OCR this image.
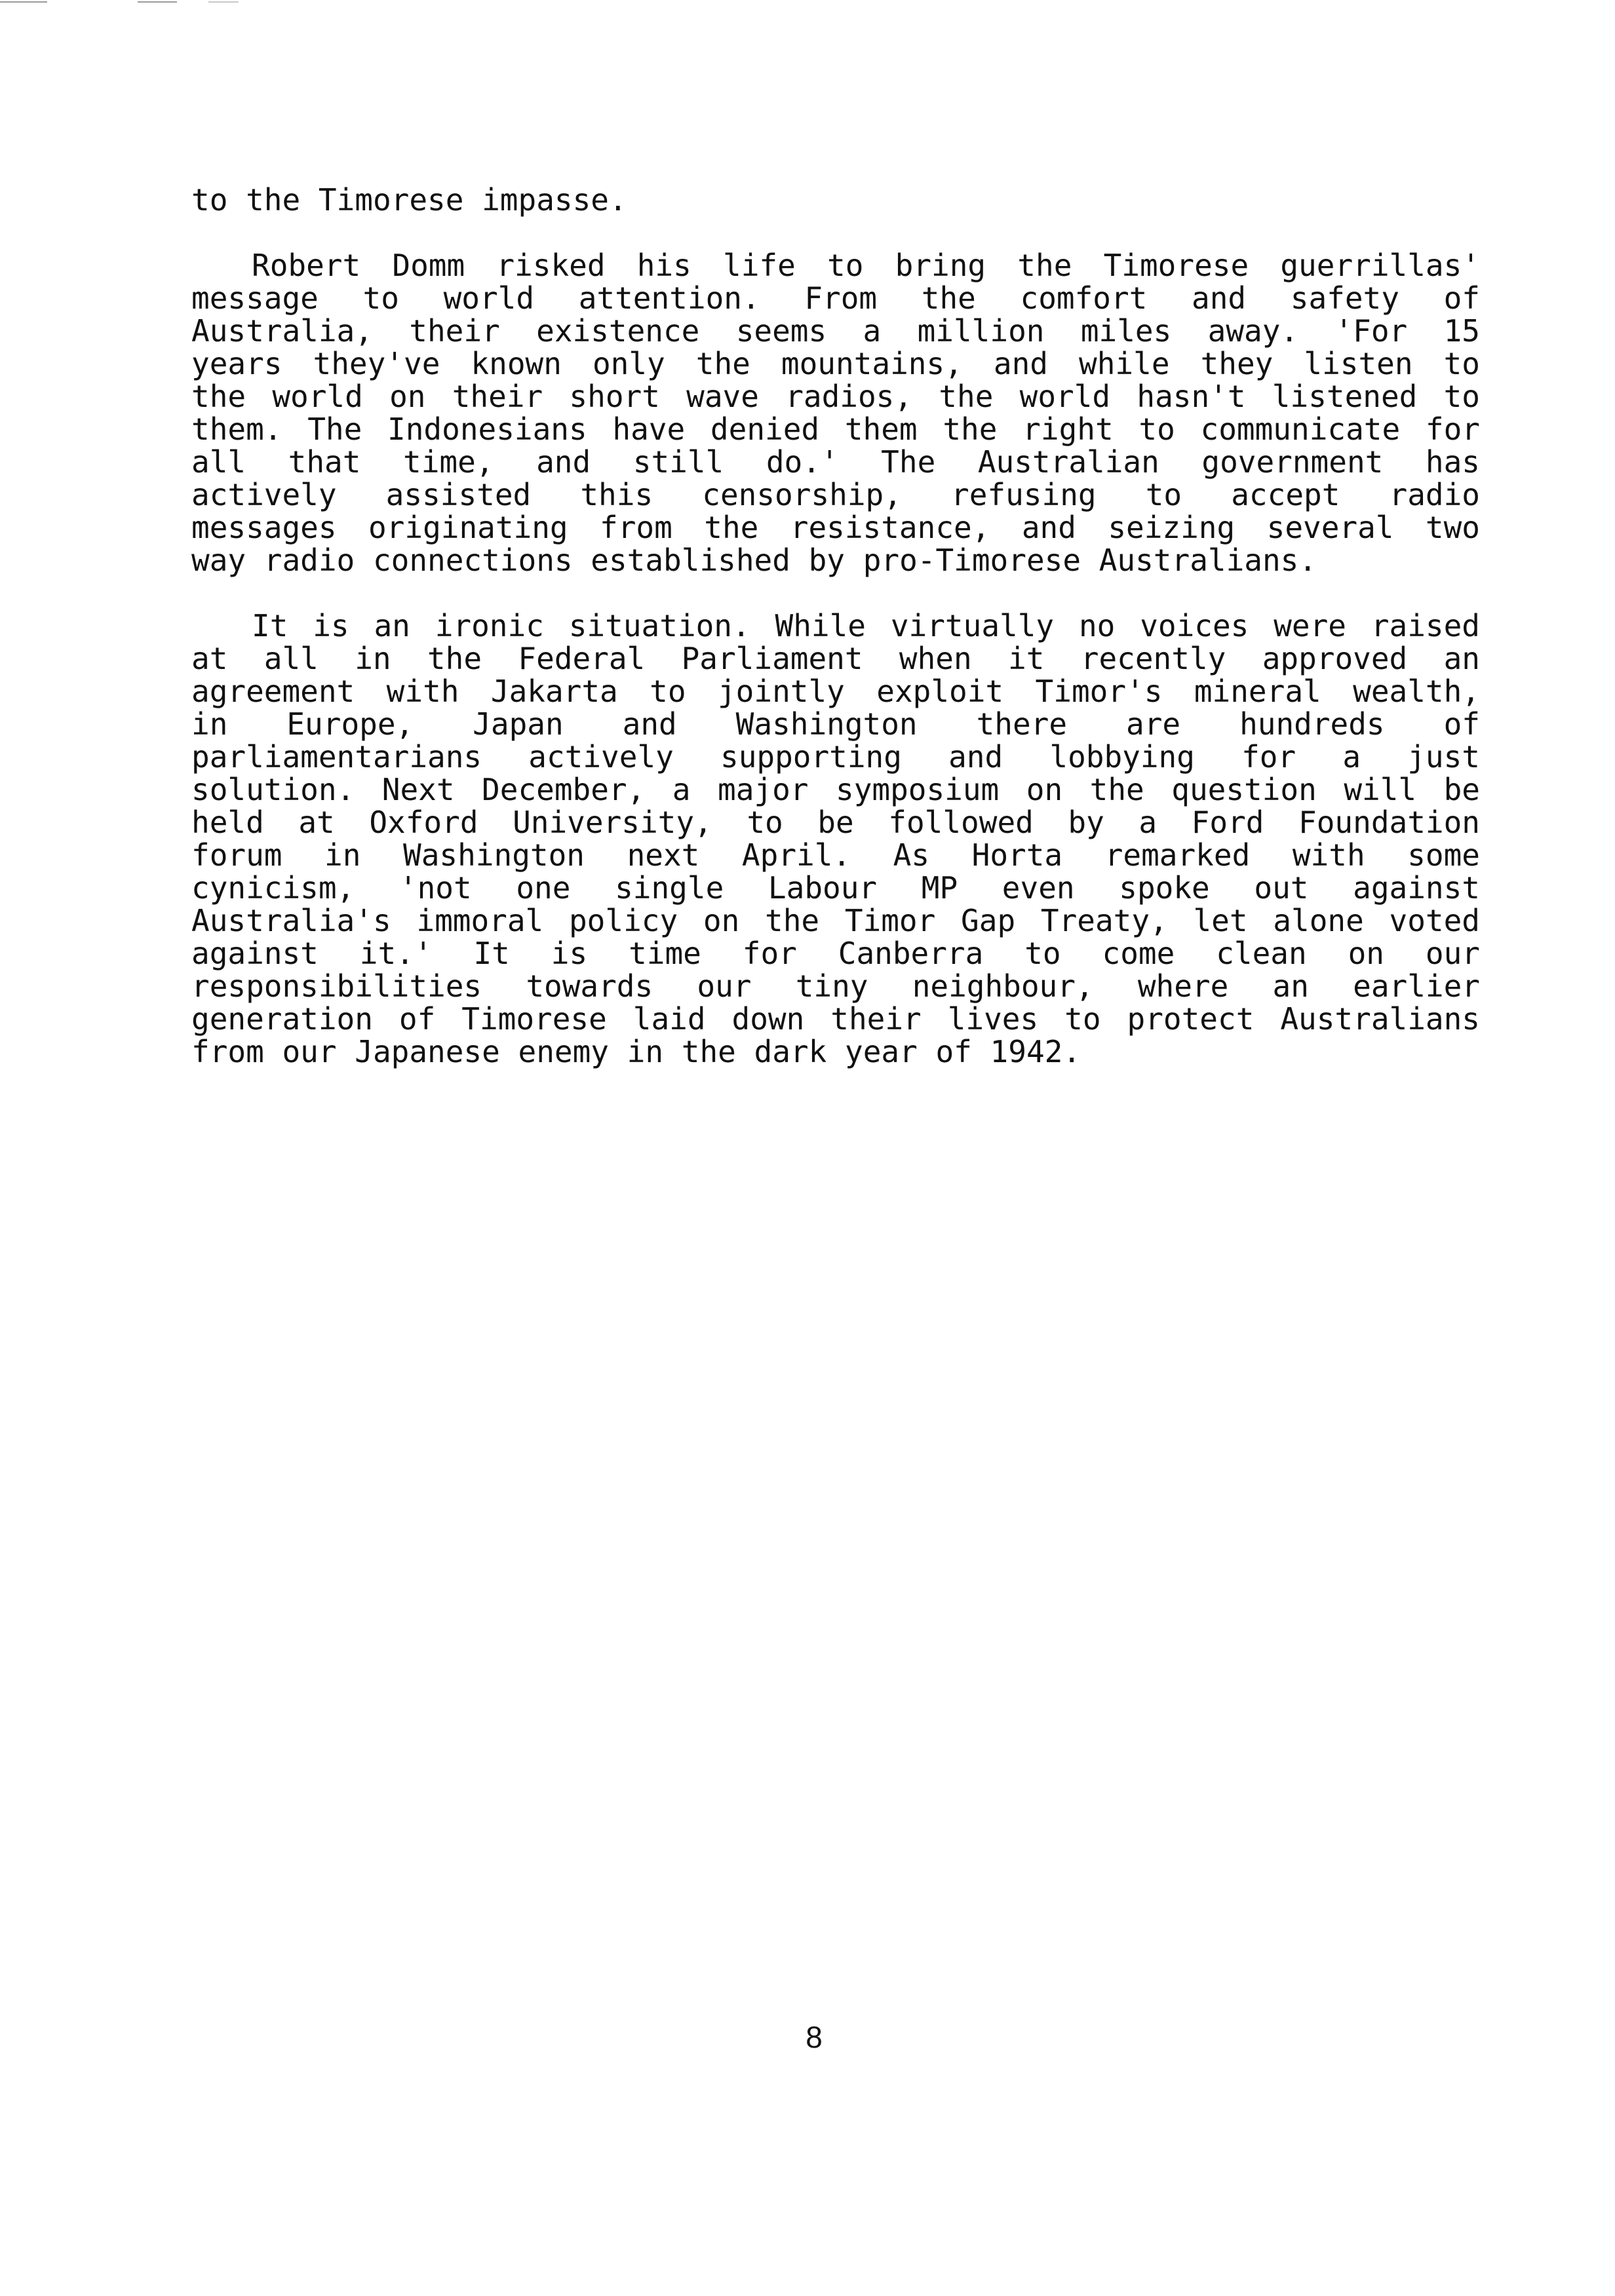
to the Timorese impasse.
Robert Domm risked his life to bring the Timorese guerrillas'
message to world attention. From the comfort and safety of
Australia, their existence seems a million miles away. 'For 15
years they've known only the mountains, and while they listen to
the world on their short wave radios, the world hasn't listened to
them. The Indonesians have denied them the right to communicate for
all that time, and still do.' The Australian government has
actively assisted this censorship, refusing to accept radio
messages originating from the resistance, and seizing several two
way radio connections established by pro-Timorese Australians.
It is an ironic situation. While virtually no voices were raised
at all in the Federal Parliament when it recently approved an
agreement with Jakarta to jointly exploit Timor's mineral wealth,
in Europe, Japan and Washington there are hundreds of
parliamentarians actively supporting and lobbying for a just
solution. Next December, a major symposium on the question will be
held at Oxford University, to be followed by a Ford Foundation
forum in Washington next April. As Horta remarked with some
cynicism, 'not one single Labour MP even spoke out against
Australia's immoral policy on the Timor Gap Treaty, let alone voted
against it.' It is time for Canberra to come clean on our
responsibilities towards our tiny neighbour, where an earlier
generation of Timorese laid down their lives to protect Australians
from our Japanese enemy in the dark year of 1942.
8
